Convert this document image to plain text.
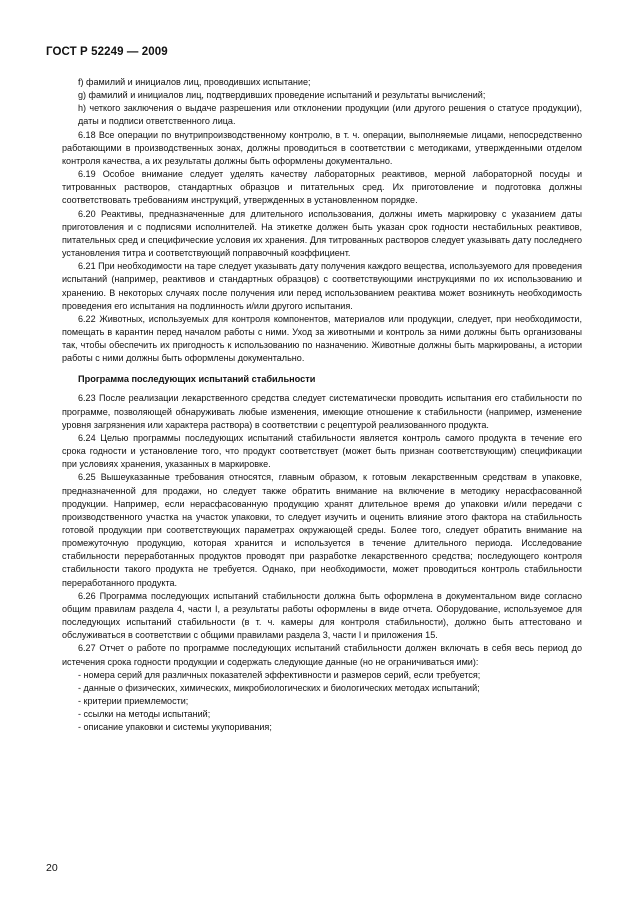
ГОСТ Р 52249 — 2009

f) фамилий и инициалов лиц, проводивших испытание;

g) фамилий и инициалов лиц, подтвердивших проведение испытаний и результаты вычислений;

h) четкого заключения о выдаче разрешения или отклонении продукции (или другого решения о статусе продукции), даты и подписи ответственного лица.

6.18 Все операции по внутрипроизводственному контролю, в т. ч. операции, выполняемые лицами, непосредственно работающими в производственных зонах, должны проводиться в соответствии с методиками, утвержденными отделом контроля качества, а их результаты должны быть оформлены документально.

6.19 Особое внимание следует уделять качеству лабораторных реактивов, мерной лабораторной посуды и титрованных растворов, стандартных образцов и питательных сред. Их приготовление и подготовка должны соответствовать требованиям инструкций, утвержденных в установленном порядке.

6.20 Реактивы, предназначенные для длительного использования, должны иметь маркировку с указанием даты приготовления и с подписями исполнителей. На этикетке должен быть указан срок годности нестабильных реактивов, питательных сред и специфические условия их хранения. Для титрованных растворов следует указывать дату последнего установления титра и соответствующий поправочный коэффициент.

6.21 При необходимости на таре следует указывать дату получения каждого вещества, используемого для проведения испытаний (например, реактивов и стандартных образцов) с соответствующими инструкциями по их использованию и хранению. В некоторых случаях после получения или перед использованием реактива может возникнуть необходимость проведения его испытания на подлинность и/или другого испытания.

6.22 Животных, используемых для контроля компонентов, материалов или продукции, следует, при необходимости, помещать в карантин перед началом работы с ними. Уход за животными и контроль за ними должны быть организованы так, чтобы обеспечить их пригодность к использованию по назначению. Животные должны быть маркированы, а истории работы с ними должны быть оформлены документально.

Программа последующих испытаний стабильности

6.23 После реализации лекарственного средства следует систематически проводить испытания его стабильности по программе, позволяющей обнаруживать любые изменения, имеющие отношение к стабильности (например, изменение уровня загрязнения или характера раствора) в соответствии с рецептурой реализованного продукта.

6.24 Целью программы последующих испытаний стабильности является контроль самого продукта в течение его срока годности и установление того, что продукт соответствует (может быть признан соответствующим) спецификации при условиях хранения, указанных в маркировке.

6.25 Вышеуказанные требования относятся, главным образом, к готовым лекарственным средствам в упаковке, предназначенной для продажи, но следует также обратить внимание на включение в методику нерасфасованной продукции. Например, если нерасфасованную продукцию хранят длительное время до упаковки и/или передачи с производственного участка на участок упаковки, то следует изучить и оценить влияние этого фактора на стабильность готовой продукции при соответствующих параметрах окружающей среды. Более того, следует обратить внимание на промежуточную продукцию, которая хранится и используется в течение длительного периода. Исследование стабильности переработанных продуктов проводят при разработке лекарственного средства; последующего контроля стабильности такого продукта не требуется. Однако, при необходимости, может проводиться контроль стабильности переработанного продукта.

6.26 Программа последующих испытаний стабильности должна быть оформлена в документальном виде согласно общим правилам раздела 4, части I, а результаты работы оформлены в виде отчета. Оборудование, используемое для последующих испытаний стабильности (в т. ч. камеры для контроля стабильности), должно быть аттестовано и обслуживаться в соответствии с общими правилами раздела 3, части I и приложения 15.

6.27 Отчет о работе по программе последующих испытаний стабильности должен включать в себя весь период до истечения срока годности продукции и содержать следующие данные (но не ограничиваться ими):

- номера серий для различных показателей эффективности и размеров серий, если требуется;

- данные о физических, химических, микробиологических и биологических методах испытаний;

- критерии приемлемости;

- ссылки на методы испытаний;

- описание упаковки и системы укупоривания;

20
